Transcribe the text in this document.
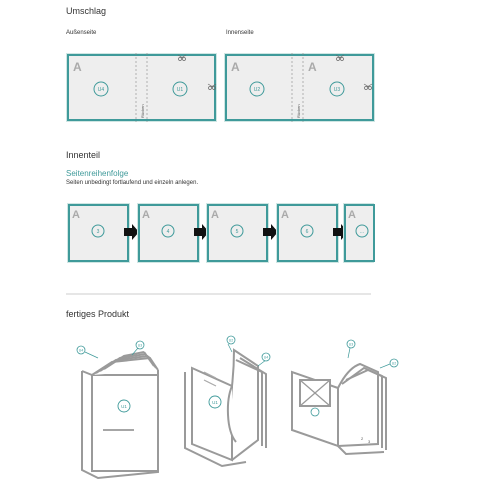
Umschlag
Außenseite	Innenseite
Innenteil
Seitenreihenfolge
Seiten unbedingt fortlaufend und einzeln anlegen.
fertiges Produkt
A
Rücken
U4	U1
A	A
Rücken
U2	U3
A
3
A
4
A
5
A
6
A
...
U4
U3
U1
U2
U1
U4
2
3
U3
U2
